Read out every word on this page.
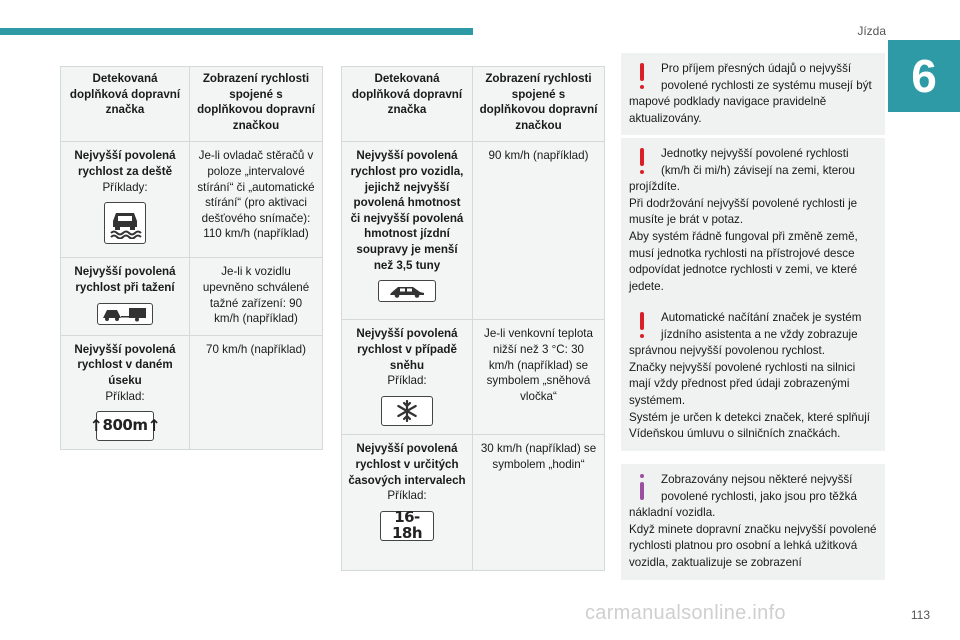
Jízda
6
Detekovaná doplňková dopravní značka	Zobrazení rychlosti spojené s doplňkovou dopravní značkou

Nejvyšší povolená rychlost za deště
Příklady:	Je-li ovladač stěračů v poloze „intervalové stírání“ či „automatické stírání“ (pro aktivaci dešťového snímače): 110 km/h (například)

Nejvyšší povolená rychlost při tažení	Je-li k vozidlu upevněno schválené tažné zařízení: 90 km/h (například)

Nejvyšší povolená rychlost v daném úseku
Příklad:
↑ 800m ↑	70 km/h (například)
Detekovaná doplňková dopravní značka	Zobrazení rychlosti spojené s doplňkovou dopravní značkou

Nejvyšší povolená rychlost pro vozidla, jejichž nejvyšší povolená hmotnost či nejvyšší povolená hmotnost jízdní soupravy je menší než 3,5 tuny	90 km/h (například)

Nejvyšší povolená rychlost v případě sněhu
Příklad:	Je-li venkovní teplota nižší než 3 °C: 30 km/h (například) se symbolem „sněhová vločka“

Nejvyšší povolená rychlost v určitých časových intervalech
Příklad:
16-18h	30 km/h (například) se symbolem „hodin“

Pro příjem přesných údajů o nejvyšší povolené rychlosti ze systému musejí být mapové podklady navigace pravidelně aktualizovány.

Jednotky nejvyšší povolené rychlosti (km/h či mi/h) závisejí na zemi, kterou projíždíte.

Při dodržování nejvyšší povolené rychlosti je musíte je brát v potaz.

Aby systém řádně fungoval při změně země, musí jednotka rychlosti na přístrojové desce odpovídat jednotce rychlosti v zemi, ve které jedete.

Automatické načítání značek je systém jízdního asistenta a ne vždy zobrazuje správnou nejvyšší povolenou rychlost.

Značky nejvyšší povolené rychlosti na silnici mají vždy přednost před údaji zobrazenými systémem.

Systém je určen k detekci značek, které splňují Vídeňskou úmluvu o silničních značkách.

Zobrazovány nejsou některé nejvyšší povolené rychlosti, jako jsou pro těžká nákladní vozidla.

Když minete dopravní značku nejvyšší povolené rychlosti platnou pro osobní a lehká užitková vozidla, zaktualizuje se zobrazení

carmanualsonline.info	113
